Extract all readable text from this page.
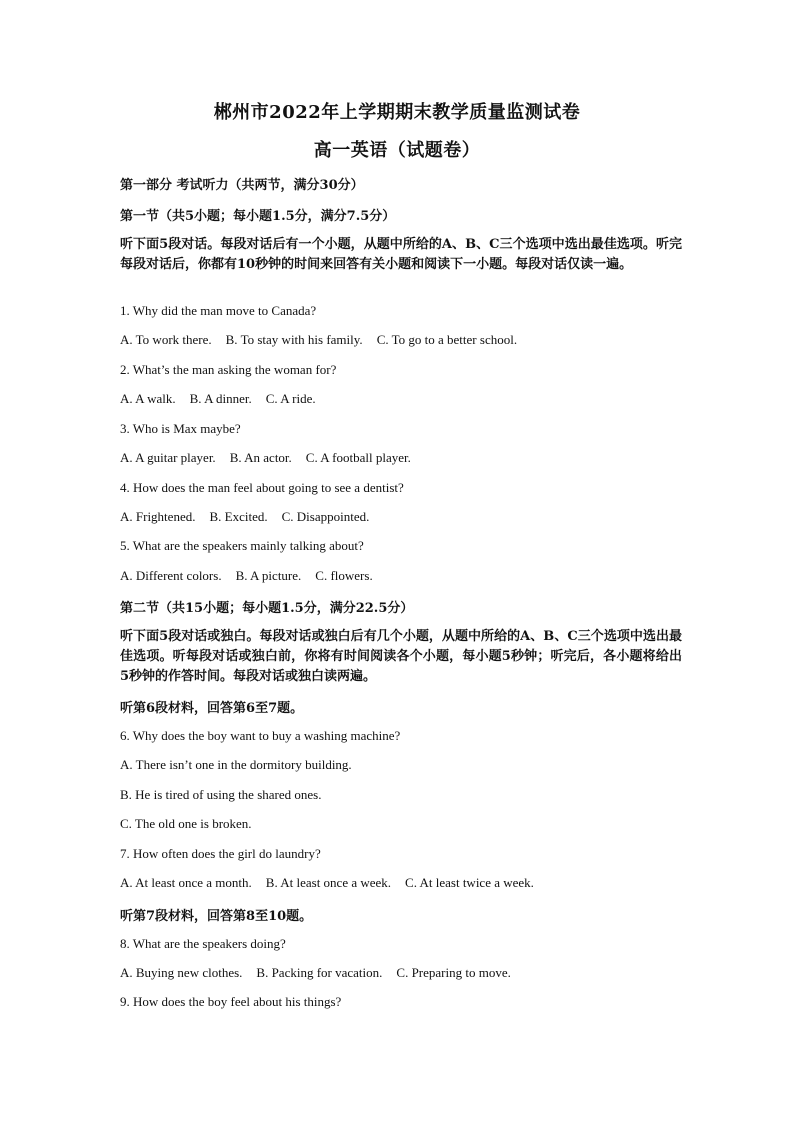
郴州市2022年上学期期末教学质量监测试卷
高一英语（试题卷）
第一部分 考试听力（共两节，满分30分）
第一节（共5小题；每小题1.5分，满分7.5分）
听下面5段对话。每段对话后有一个小题，从题中所给的A、B、C三个选项中选出最佳选项。听完每段对话后，你都有10秒钟的时间来回答有关小题和阅读下一小题。每段对话仅读一遍。
1. Why did the man move to Canada?
A. To work there. B. To stay with his family. C. To go to a better school.
2. What’s the man asking the woman for?
A. A walk. B. A dinner. C. A ride.
3. Who is Max maybe?
A. A guitar player. B. An actor. C. A football player.
4. How does the man feel about going to see a dentist?
A. Frightened. B. Excited. C. Disappointed.
5. What are the speakers mainly talking about?
A. Different colors. B. A picture. C. flowers.
第二节（共15小题；每小题1.5分，满分22.5分）
听下面5段对话或独白。每段对话或独白后有几个小题，从题中所给的A、B、C三个选项中选出最佳选项。听每段对话或独白前，你将有时间阅读各个小题，每小题5秒钟；听完后，各小题将给出5秒钟的作答时间。每段对话或独白读两遍。
听第6段材料，回答第6至7题。
6. Why does the boy want to buy a washing machine?
A. There isn’t one in the dormitory building.
B. He is tired of using the shared ones.
C. The old one is broken.
7. How often does the girl do laundry?
A. At least once a month. B. At least once a week. C. At least twice a week.
听第7段材料，回答第8至10题。
8. What are the speakers doing?
A. Buying new clothes. B. Packing for vacation. C. Preparing to move.
9. How does the boy feel about his things?
